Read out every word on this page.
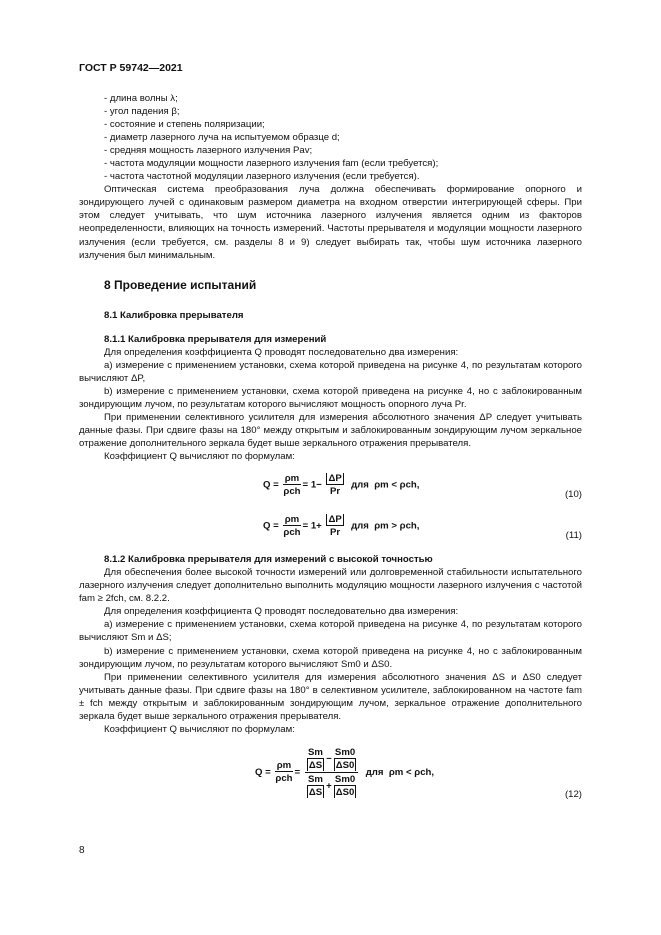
ГОСТ Р 59742—2021

- длина волны λ;

- угол падения β;

- состояние и степень поляризации;

- диаметр лазерного луча на испытуемом образце d;

- средняя мощность лазерного излучения Pav;

- частота модуляции мощности лазерного излучения fam (если требуется);

- частота частотной модуляции лазерного излучения (если требуется).

Оптическая система преобразования луча должна обеспечивать формирование опорного и зондирующего лучей с одинаковым размером диаметра на входном отверстии интегрирующей сферы. При этом следует учитывать, что шум источника лазерного излучения является одним из факторов неопределенности, влияющих на точность измерений. Частоты прерывателя и модуляции мощности лазерного излучения (если требуется, см. разделы 8 и 9) следует выбирать так, чтобы шум источника лазерного излучения был минимальным.

8 Проведение испытаний

8.1 Калибровка прерывателя

8.1.1 Калибровка прерывателя для измерений

Для определения коэффициента Q проводят последовательно два измерения:

а) измерение с применением установки, схема которой приведена на рисунке 4, по результатам которого вычисляют ΔP,

b) измерение с применением установки, схема которой приведена на рисунке 4, но с заблокированным зондирующим лучом, по результатам которого вычисляют мощность опорного луча Pr.

При применении селективного усилителя для измерения абсолютного значения ΔP следует учитывать данные фазы. При сдвиге фазы на 180° между открытым и заблокированным зондирующим лучом зеркальное отражение дополнительного зеркала будет выше зеркального отражения прерывателя.

Коэффициент Q вычисляют по формулам:

$Q = \frac{\rho m}{\text{ρch}} = 1- \frac{\Delta P}{Pr}$ для ρm < ρch,
(10)
$Q = \frac{\rho m}{\text{ρch}} = 1+ \frac{\Delta P}{Pr}$ для ρm > ρch,
(11)

8.1.2 Калибровка прерывателя для измерений с высокой точностью

Для обеспечения более высокой точности измерений или долговременной стабильности испытательного лазерного излучения следует дополнительно выполнить модуляцию мощности лазерного излучения с частотой fam ≥ 2fch, см. 8.2.2.

Для определения коэффициента Q проводят последовательно два измерения:

а) измерение с применением установки, схема которой приведена на рисунке 4, по результатам которого вычисляют Sm и ΔS;

b) измерение с применением установки, схема которой приведена на рисунке 4, но с заблокированным зондирующим лучом, по результатам которого вычисляют Sm0 и ΔS0.

При применении селективного усилителя для измерения абсолютного значения ΔS и ΔS0 следует учитывать данные фазы. При сдвиге фазы на 180° в селективном усилителе, заблокированном на частоте fam ± fch между открытым и заблокированным зондирующим лучом, зеркальное отражение дополнительного зеркала будет выше зеркального отражения прерывателя.

Коэффициент Q вычисляют по формулам:

$Q = \frac{\rho m}{\text{ρch}} = \frac{\frac{Sm}{\Delta S} - \frac{Sm0}{\Delta S0}}{\frac{Sm}{\Delta S} + \frac{Sm0}{\Delta S0}}$ для ρm < ρch,
(12)
8
